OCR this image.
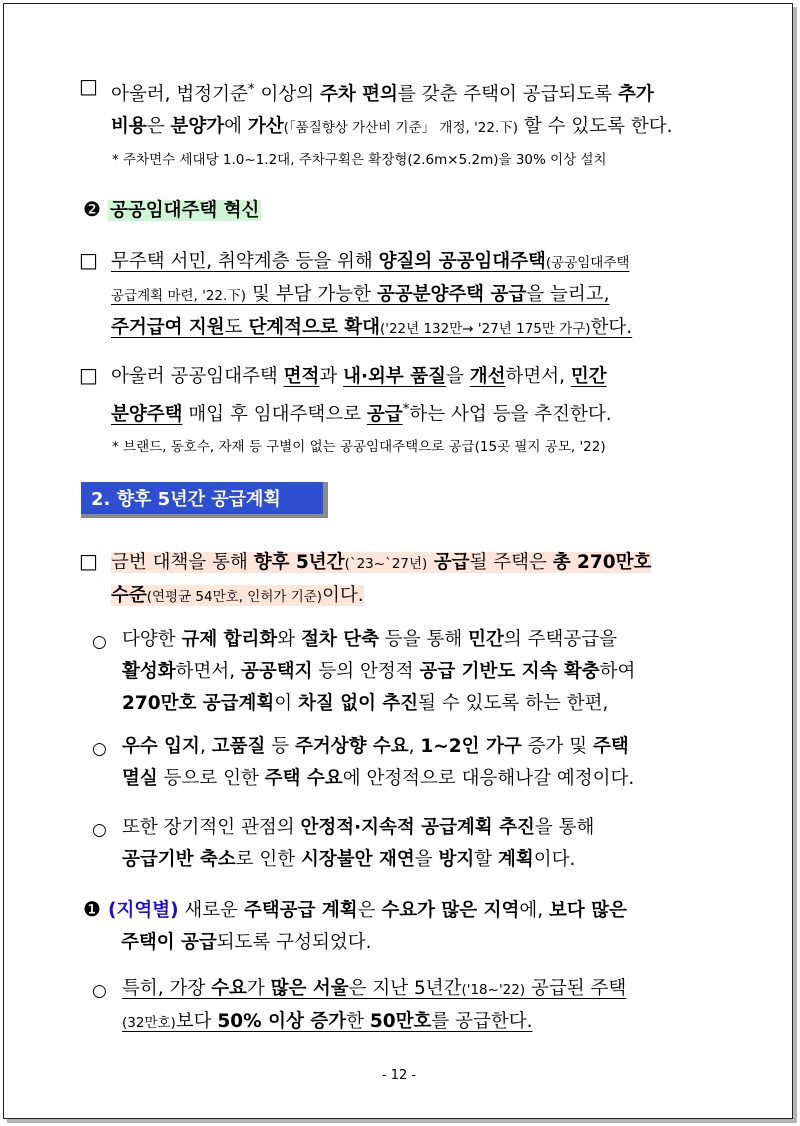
□ 아울러, 법정기준* 이상의 주차 편의를 갖춘 주택이 공급되도록 추가
비용은 분양가에 가산(「품질향상 가산비 기준」 개정, '22.下) 할 수 있도록 한다.
* 주차면수 세대당 1.0~1.2대, 주차구획은 확장형(2.6m×5.2m)을 30% 이상 설치
❷ 공공임대주택 혁신
□ 무주택 서민, 취약계층 등을 위해 양질의 공공임대주택(공공임대주택
공급계획 마련, '22.下) 및 부담 가능한 공공분양주택 공급을 늘리고,
주거급여 지원도 단계적으로 확대('22년 132만→ '27년 175만 가구)한다.
□ 아울러 공공임대주택 면적과 내·외부 품질을 개선하면서, 민간
분양주택 매입 후 임대주택으로 공급*하는 사업 등을 추진한다.
* 브랜드, 동호수, 자재 등 구별이 없는 공공임대주택으로 공급(15곳 필지 공모, '22)
2. 향후 5년간 공급계획
□ 금번 대책을 통해 향후 5년간(`23~`27년) 공급될 주택은 총 270만호
수준(연평균 54만호, 인허가 기준)이다.
○ 다양한 규제 합리화와 절차 단축 등을 통해 민간의 주택공급을
활성화하면서, 공공택지 등의 안정적 공급 기반도 지속 확충하여
270만호 공급계획이 차질 없이 추진될 수 있도록 하는 한편,
○ 우수 입지, 고품질 등 주거상향 수요, 1~2인 가구 증가 및 주택
멸실 등으로 인한 주택 수요에 안정적으로 대응해나갈 예정이다.
○ 또한 장기적인 관점의 안정적·지속적 공급계획 추진을 통해
공급기반 축소로 인한 시장불안 재연을 방지할 계획이다.
❶ (지역별) 새로운 주택공급 계획은 수요가 많은 지역에, 보다 많은
주택이 공급되도록 구성되었다.
○ 특히, 가장 수요가 많은 서울은 지난 5년간('18~'22) 공급된 주택
(32만호)보다 50% 이상 증가한 50만호를 공급한다.
- 12 -
